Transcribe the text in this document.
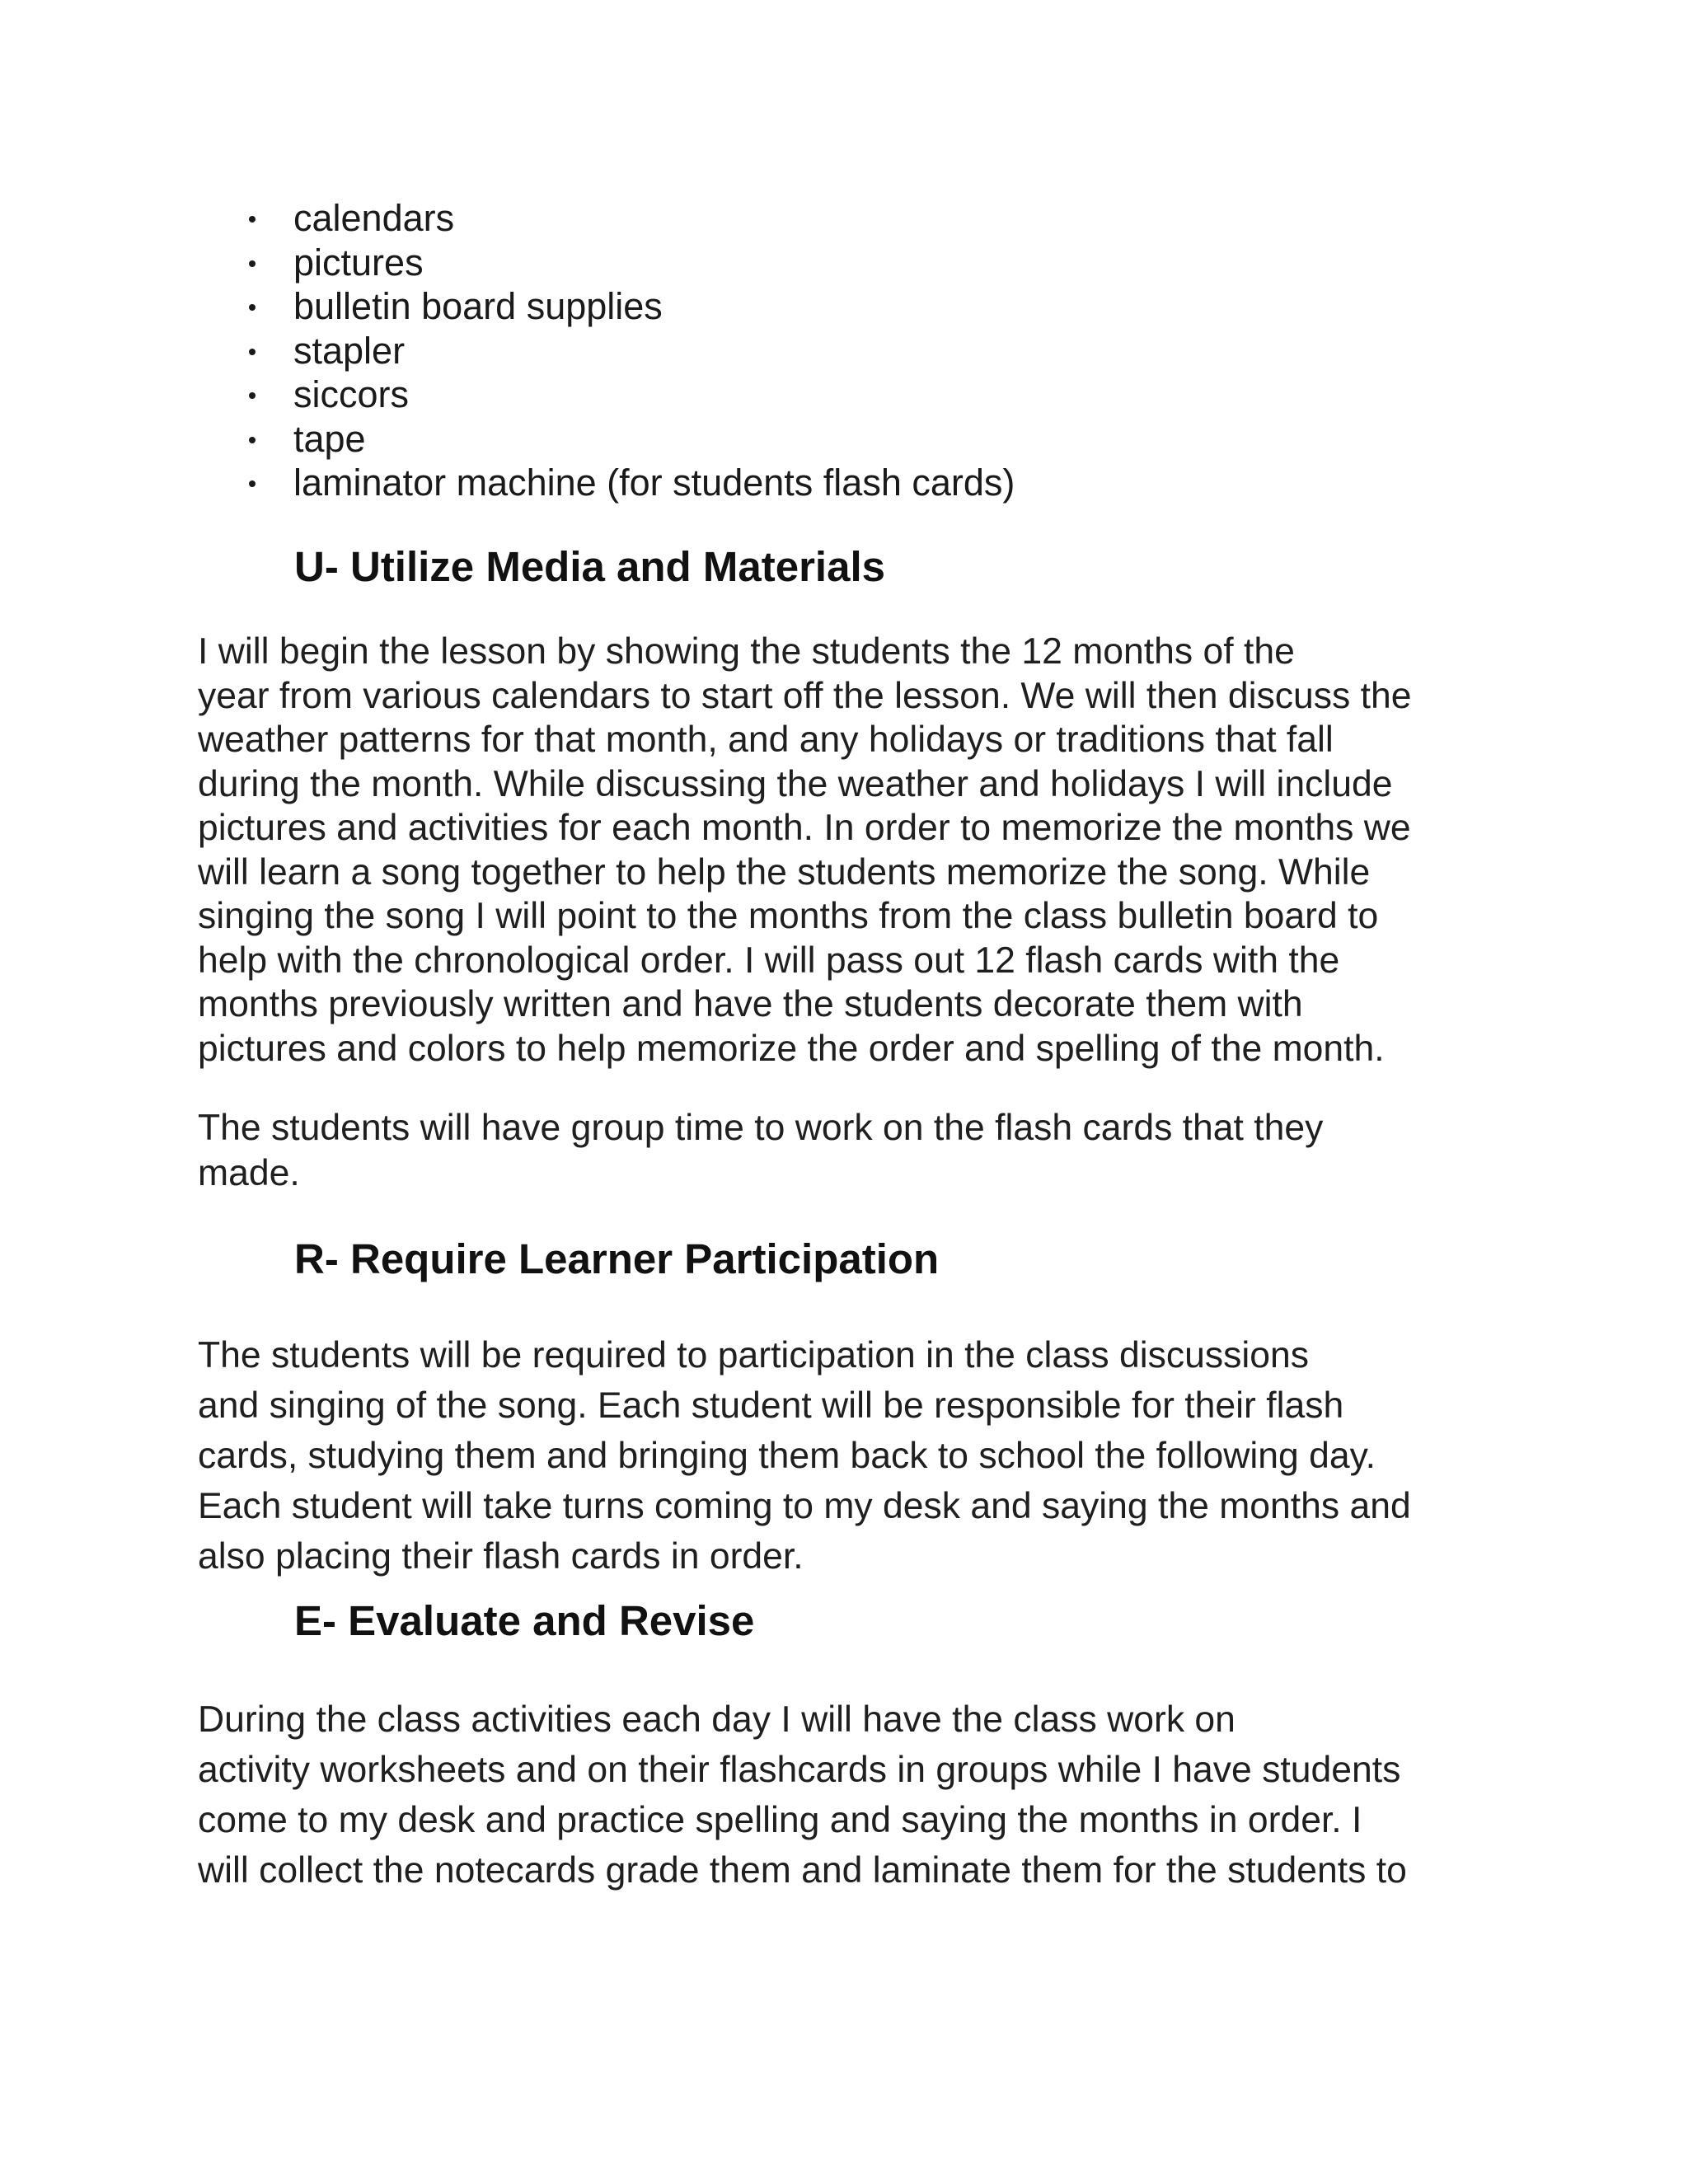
calendars
pictures
bulletin board supplies
stapler
siccors
tape
laminator machine (for students flash cards)
U- Utilize Media and Materials

I will begin the lesson by showing the students the 12 months of the
year from various calendars to start off the lesson. We will then discuss the
weather patterns for that month, and any holidays or traditions that fall
during the month. While discussing the weather and holidays I will include
pictures and activities for each month. In order to memorize the months we
will learn a song together to help the students memorize the song. While
singing the song I will point to the months from the class bulletin board to
help with the chronological order. I will pass out 12 flash cards with the
months previously written and have the students decorate them with
pictures and colors to help memorize the order and spelling of the month.

The students will have group time to work on the flash cards that they
made.

R- Require Learner Participation

The students will be required to participation in the class discussions
and singing of the song. Each student will be responsible for their flash
cards, studying them and bringing them back to school the following day.
Each student will take turns coming to my desk and saying the months and
also placing their flash cards in order.

E- Evaluate and Revise

During the class activities each day I will have the class work on
activity worksheets and on their flashcards in groups while I have students
come to my desk and practice spelling and saying the months in order. I
will collect the notecards grade them and laminate them for the students to
